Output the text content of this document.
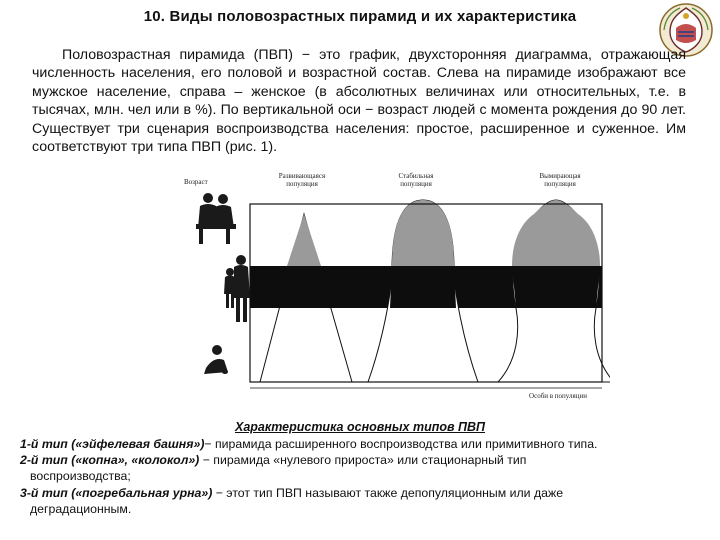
10. Виды половозрастных пирамид и их характеристика
Половозрастная пирамида (ПВП) − это график, двухсторонняя диаграмма, отражающая численность населения, его половой и возрастной состав. Слева на пирамиде изображают все мужское население, справа – женское (в абсолютных величинах или относительных, т.е. в тысячах, млн. чел или в %). По вертикальной оси − возраст людей с момента рождения до 90 лет. Существует три сценария воспроизводства населения: простое, расширенное и суженное. Им соответствуют три типа ПВП (рис. 1).
Возраст
Развивающаяся
популяция
Стабильная
популяция
Вымирающая
популяция
Особи в популяции
Характеристика основных типов ПВП
1-й тип («эйфелевая башня») − пирамида расширенного воспроизводства или примитивного типа.
2-й тип («копна», «колокол») − пирамида «нулевого прироста» или стационарный тип
воспроизводства;
3-й тип («погребальная урна») − этот тип ПВП называют также депопуляционным или даже
деградационным.
